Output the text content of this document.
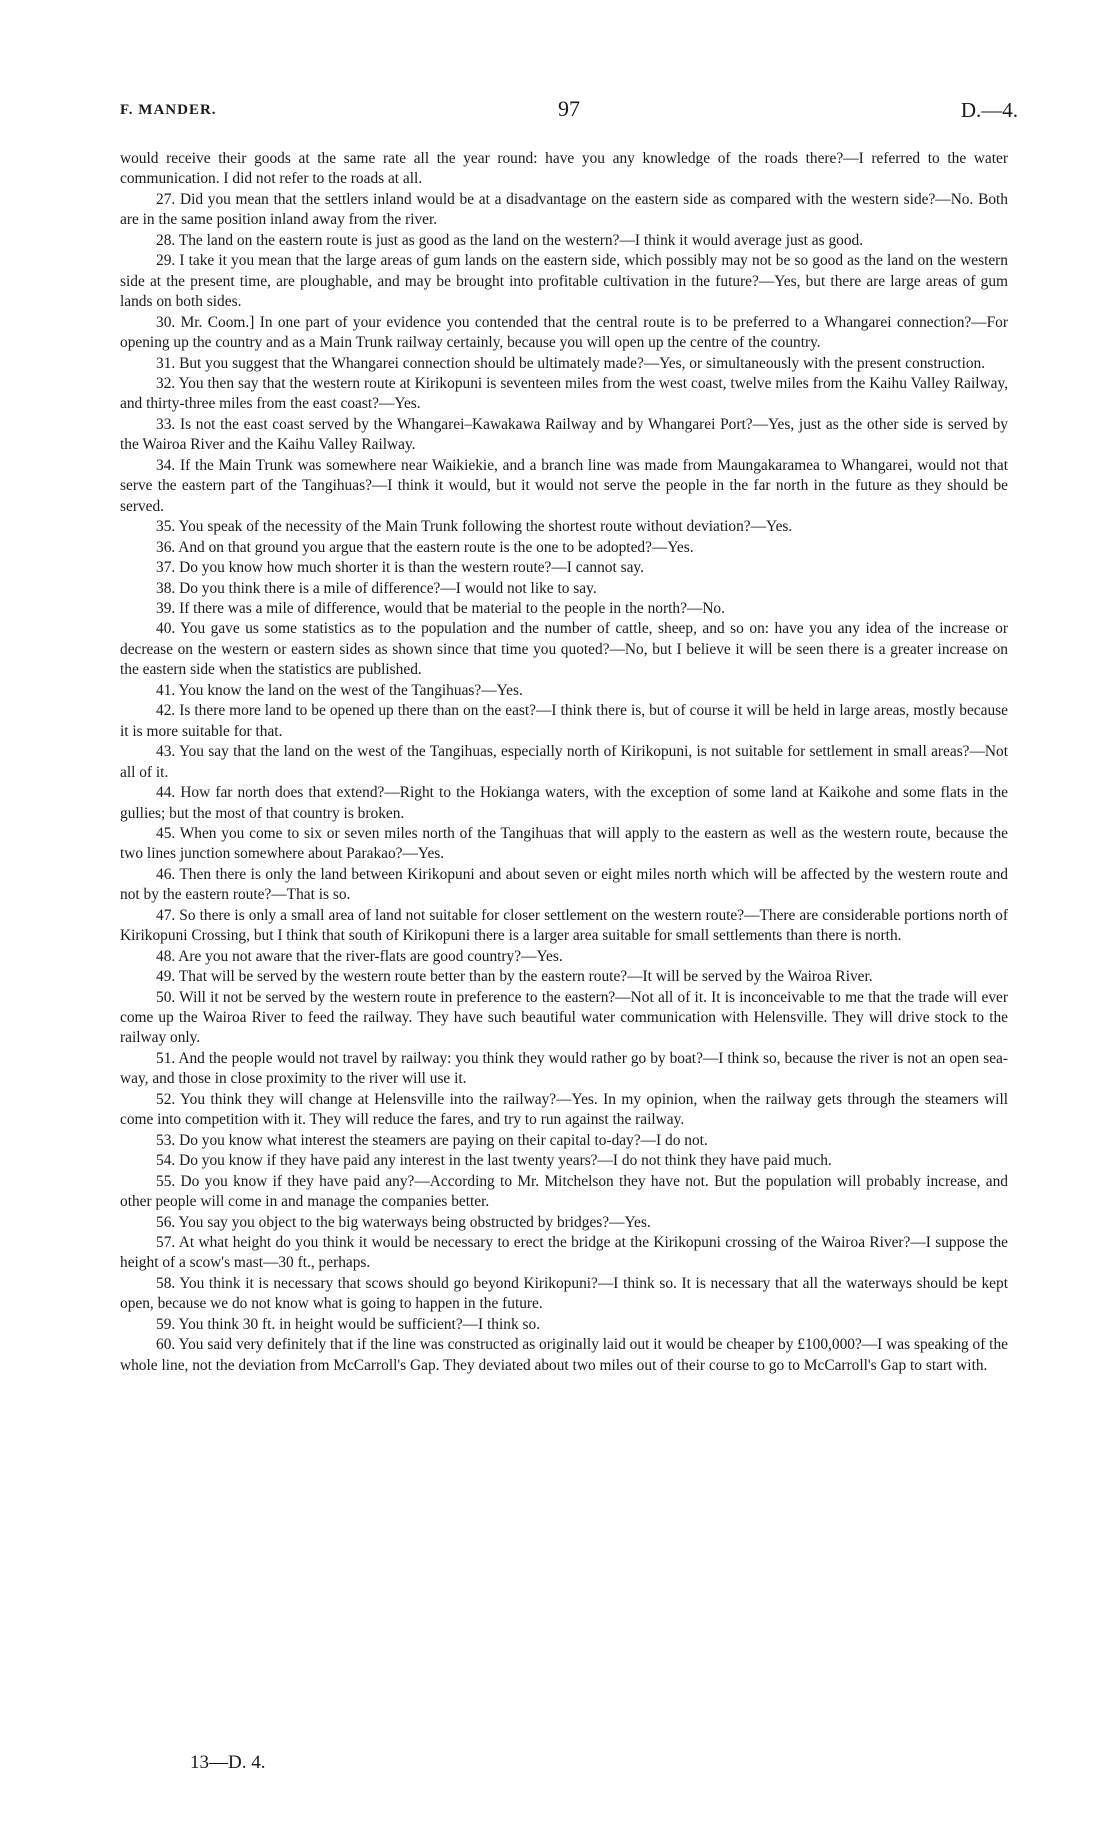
F. MANDER.	97	D.—4.

would receive their goods at the same rate all the year round: have you any knowledge of the roads there?—I referred to the water communication. I did not refer to the roads at all.

27. Did you mean that the settlers inland would be at a disadvantage on the eastern side as compared with the western side?—No. Both are in the same position inland away from the river.

28. The land on the eastern route is just as good as the land on the western?—I think it would average just as good.

29. I take it you mean that the large areas of gum lands on the eastern side, which possibly may not be so good as the land on the western side at the present time, are ploughable, and may be brought into profitable cultivation in the future?—Yes, but there are large areas of gum lands on both sides.

30. Mr. Coom.] In one part of your evidence you contended that the central route is to be preferred to a Whangarei connection?—For opening up the country and as a Main Trunk railway certainly, because you will open up the centre of the country.

31. But you suggest that the Whangarei connection should be ultimately made?—Yes, or simultaneously with the present construction.

32. You then say that the western route at Kirikopuni is seventeen miles from the west coast, twelve miles from the Kaihu Valley Railway, and thirty-three miles from the east coast?—Yes.

33. Is not the east coast served by the Whangarei–Kawakawa Railway and by Whangarei Port?—Yes, just as the other side is served by the Wairoa River and the Kaihu Valley Railway.

34. If the Main Trunk was somewhere near Waikiekie, and a branch line was made from Maungakaramea to Whangarei, would not that serve the eastern part of the Tangihuas?—I think it would, but it would not serve the people in the far north in the future as they should be served.

35. You speak of the necessity of the Main Trunk following the shortest route without deviation?—Yes.

36. And on that ground you argue that the eastern route is the one to be adopted?—Yes.

37. Do you know how much shorter it is than the western route?—I cannot say.

38. Do you think there is a mile of difference?—I would not like to say.

39. If there was a mile of difference, would that be material to the people in the north?—No.

40. You gave us some statistics as to the population and the number of cattle, sheep, and so on: have you any idea of the increase or decrease on the western or eastern sides as shown since that time you quoted?—No, but I believe it will be seen there is a greater increase on the eastern side when the statistics are published.

41. You know the land on the west of the Tangihuas?—Yes.

42. Is there more land to be opened up there than on the east?—I think there is, but of course it will be held in large areas, mostly because it is more suitable for that.

43. You say that the land on the west of the Tangihuas, especially north of Kirikopuni, is not suitable for settlement in small areas?—Not all of it.

44. How far north does that extend?—Right to the Hokianga waters, with the exception of some land at Kaikohe and some flats in the gullies; but the most of that country is broken.

45. When you come to six or seven miles north of the Tangihuas that will apply to the eastern as well as the western route, because the two lines junction somewhere about Parakao?—Yes.

46. Then there is only the land between Kirikopuni and about seven or eight miles north which will be affected by the western route and not by the eastern route?—That is so.

47. So there is only a small area of land not suitable for closer settlement on the western route?—There are considerable portions north of Kirikopuni Crossing, but I think that south of Kirikopuni there is a larger area suitable for small settlements than there is north.

48. Are you not aware that the river-flats are good country?—Yes.

49. That will be served by the western route better than by the eastern route?—It will be served by the Wairoa River.

50. Will it not be served by the western route in preference to the eastern?—Not all of it. It is inconceivable to me that the trade will ever come up the Wairoa River to feed the railway. They have such beautiful water communication with Helensville. They will drive stock to the railway only.

51. And the people would not travel by railway: you think they would rather go by boat?—I think so, because the river is not an open sea-way, and those in close proximity to the river will use it.

52. You think they will change at Helensville into the railway?—Yes. In my opinion, when the railway gets through the steamers will come into competition with it. They will reduce the fares, and try to run against the railway.

53. Do you know what interest the steamers are paying on their capital to-day?—I do not.

54. Do you know if they have paid any interest in the last twenty years?—I do not think they have paid much.

55. Do you know if they have paid any?—According to Mr. Mitchelson they have not. But the population will probably increase, and other people will come in and manage the companies better.

56. You say you object to the big waterways being obstructed by bridges?—Yes.

57. At what height do you think it would be necessary to erect the bridge at the Kirikopuni crossing of the Wairoa River?—I suppose the height of a scow's mast—30 ft., perhaps.

58. You think it is necessary that scows should go beyond Kirikopuni?—I think so. It is necessary that all the waterways should be kept open, because we do not know what is going to happen in the future.

59. You think 30 ft. in height would be sufficient?—I think so.

60. You said very definitely that if the line was constructed as originally laid out it would be cheaper by £100,000?—I was speaking of the whole line, not the deviation from McCarroll's Gap. They deviated about two miles out of their course to go to McCarroll's Gap to start with.

13—D. 4.
